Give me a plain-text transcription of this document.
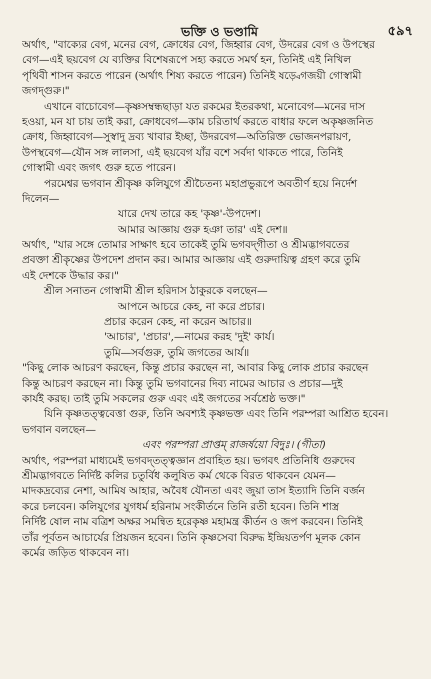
ভক্তি ও ভণ্ডামি	৫৯৭
অর্থাৎ, "বাক্যের বেগ, মনের বেগ, ক্রোধের বেগ, জিহ্বার বেগ, উদরের বেগ ও উপস্থের
বেগ—এই ছয়বেগ যে ব্যক্তির বিশেষরূপে সহ্য করতে সমর্থ হন, তিনিই এই নিখিল
পৃথিবী শাসন করতে পারেন (অর্থাৎ শিষ্য করতে পারেন) তিনিই ষড়্বেগজয়ী গোস্বামী
জগদ্গুরু।"
এখানে বাচোবেগ—কৃষ্ণসম্বন্ধছাড়া যত রকমের ইতরকথা, মনোবেগ—মনের দাস
হওয়া, মন যা চায় তাই করা, ক্রোধবেগ—কাম চরিতার্থ করতে বাধার ফলে অকৃষ্ণজনিত
ক্রোধ, জিহ্বাবেগ—সুস্বাদু দ্রব্য খাবার ইচ্ছা, উদরবেগ—অতিরিক্ত ভোজনপরায়ণ,
উপস্থবেগ—যৌন সঙ্গ লালসা, এই ছয়বেগ যাঁর বশে সর্বদা থাকতে পারে, তিনিই
গোস্বামী এবং জগৎ গুরু হতে পারেন।
পরমেশ্বর ভগবান শ্রীকৃষ্ণ কলিযুগে শ্রীচৈতন্য মহাপ্রভুরূপে অবতীর্ণ হয়ে নির্দেশ
দিলেন—
যারে দেখ তারে কহ 'কৃষ্ণ'-উপদেশ।
আমার আজ্ঞায় গুরু হঞা তার' এই দেশ॥
অর্থাৎ, "যার সঙ্গে তোমার সাক্ষাৎ হবে তাকেই তুমি ভগবদ্‌গীতা ও শ্রীমদ্ভাগবতের
প্রবক্তা শ্রীকৃষ্ণের উপদেশ প্রদান কর। আমার আজ্ঞায় এই গুরুদায়িত্ব গ্রহণ করে তুমি
এই দেশকে উদ্ধার কর।"
শ্রীল সনাতন গোস্বামী শ্রীল হরিদাস ঠাকুরকে বলছেন—
আপনে আচরে কেহ, না করে প্রচার।
প্রচার করেন কেহ, না করেন আচার॥
'আচার', 'প্রচার',—নামের করহ 'দুই' কার্য।
তুমি—সর্বগুরু, তুমি জগতের আর্য॥
"কিছু লোক আচরণ করছেন, কিন্তু প্রচার করছেন না, আবার কিছু লোক প্রচার করছেন
কিন্তু আচরণ করছেন না। কিন্তু তুমি ভগবানের দিব্য নামের আচার ও প্রচার—দুই
কার্যই করছ। তাই তুমি সকলের গুরু এবং এই জগতের সর্বশ্রেষ্ঠ ভক্ত।"
যিনি কৃষ্ণতত্ত্ববেত্তা গুরু, তিনি অবশ্যই কৃষ্ণভক্ত এবং তিনি পরম্পরা আশ্রিত হবেন।
ভগবান বলছেন—
এবং পরম্পরা প্রাপ্তম্ রাজর্ষয়ো বিদুঃ। (গীতা)
অর্থাৎ, পরম্পরা মাধ্যমেই ভগবদ্‌তত্ত্বজ্ঞান প্রবাহিত হয়। ভগবৎ প্রতিনিধি গুরুদেব
শ্রীমদ্ভাগবতে নির্দিষ্ট কলির চতুর্বিধ কলুষিত কর্ম থেকে বিরত থাকবেন যেমন—
মাদকদ্রব্যের নেশা, আমিষ আহার, অবৈধ যৌনতা এবং জুয়া তাস ইত্যাদি তিনি বর্জন
করে চলবেন। কলিযুগের যুগধর্ম হরিনাম সংকীর্তনে তিনি রতী হবেন। তিনি শাস্ত্র
নির্দিষ্ট ষোল নাম বত্রিশ অক্ষর সমন্বিত হরেকৃষ্ণ মহামন্ত্র কীর্তন ও জপ করবেন। তিনিই
তাঁর পূর্বতন আচার্যের প্রিয়জন হবেন। তিনি কৃষ্ণসেবা বিরুদ্ধ ইন্দ্রিয়তর্পণ মূলক কোন
কর্মের জড়িত থাকবেন না।
